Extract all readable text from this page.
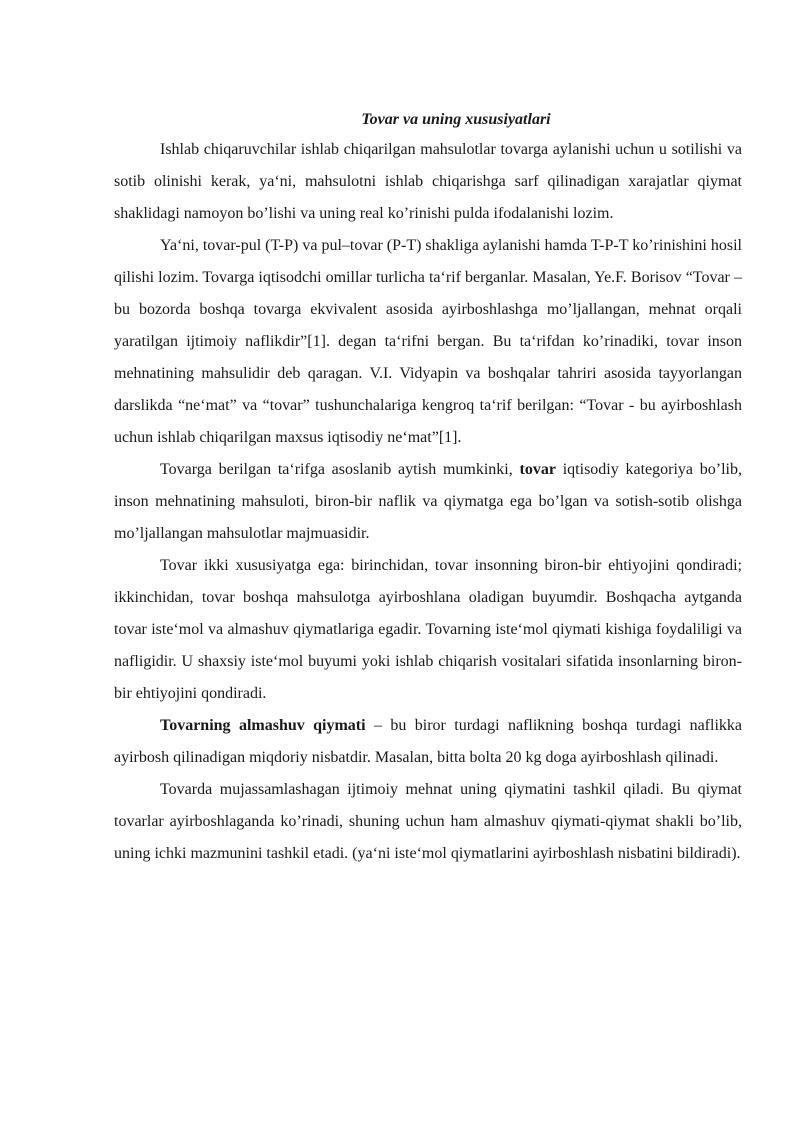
Tovar va uning xususiyatlari

Ishlab chiqaruvchilar ishlab chiqarilgan mahsulotlar tovarga aylanishi uchun u sotilishi va sotib olinishi kerak, ya‘ni, mahsulotni ishlab chiqarishga sarf qilinadigan xarajatlar qiymat shaklidagi namoyon bo’lishi va uning real ko’rinishi pulda ifodalanishi lozim.

Ya‘ni, tovar-pul (T-P) va pul–tovar (P-T) shakliga aylanishi hamda T-P-T ko’rinishini hosil qilishi lozim. Tovarga iqtisodchi omillar turlicha ta‘rif berganlar. Masalan, Ye.F. Borisov “Tovar – bu bozorda boshqa tovarga ekvivalent asosida ayirboshlashga mo’ljallangan, mehnat orqali yaratilgan ijtimoiy naflikdir”[1]. degan ta‘rifni bergan. Bu ta‘rifdan ko’rinadiki, tovar inson mehnatining mahsulidir deb qaragan. V.I. Vidyapin va boshqalar tahriri asosida tayyorlangan darslikda “ne‘mat” va “tovar” tushunchalariga kengroq ta‘rif berilgan: “Tovar - bu ayirboshlash uchun ishlab chiqarilgan maxsus iqtisodiy ne‘mat”[1].

Tovarga berilgan ta‘rifga asoslanib aytish mumkinki, tovar iqtisodiy kategoriya bo’lib, inson mehnatining mahsuloti, biron-bir naflik va qiymatga ega bo’lgan va sotish-sotib olishga mo’ljallangan mahsulotlar majmuasidir.

Tovar ikki xususiyatga ega: birinchidan, tovar insonning biron-bir ehtiyojini qondiradi; ikkinchidan, tovar boshqa mahsulotga ayirboshlana oladigan buyumdir. Boshqacha aytganda tovar iste‘mol va almashuv qiymatlariga egadir. Tovarning iste‘mol qiymati kishiga foydaliligi va nafligidir. U shaxsiy iste‘mol buyumi yoki ishlab chiqarish vositalari sifatida insonlarning biron-bir ehtiyojini qondiradi.

Tovarning almashuv qiymati – bu biror turdagi naflikning boshqa turdagi naflikka ayirbosh qilinadigan miqdoriy nisbatdir. Masalan, bitta bolta 20 kg doga ayirboshlash qilinadi.

Tovarda mujassamlashagan ijtimoiy mehnat uning qiymatini tashkil qiladi. Bu qiymat tovarlar ayirboshlaganda ko’rinadi, shuning uchun ham almashuv qiymati-qiymat shakli bo’lib, uning ichki mazmunini tashkil etadi. (ya‘ni iste‘mol qiymatlarini ayirboshlash nisbatini bildiradi).
